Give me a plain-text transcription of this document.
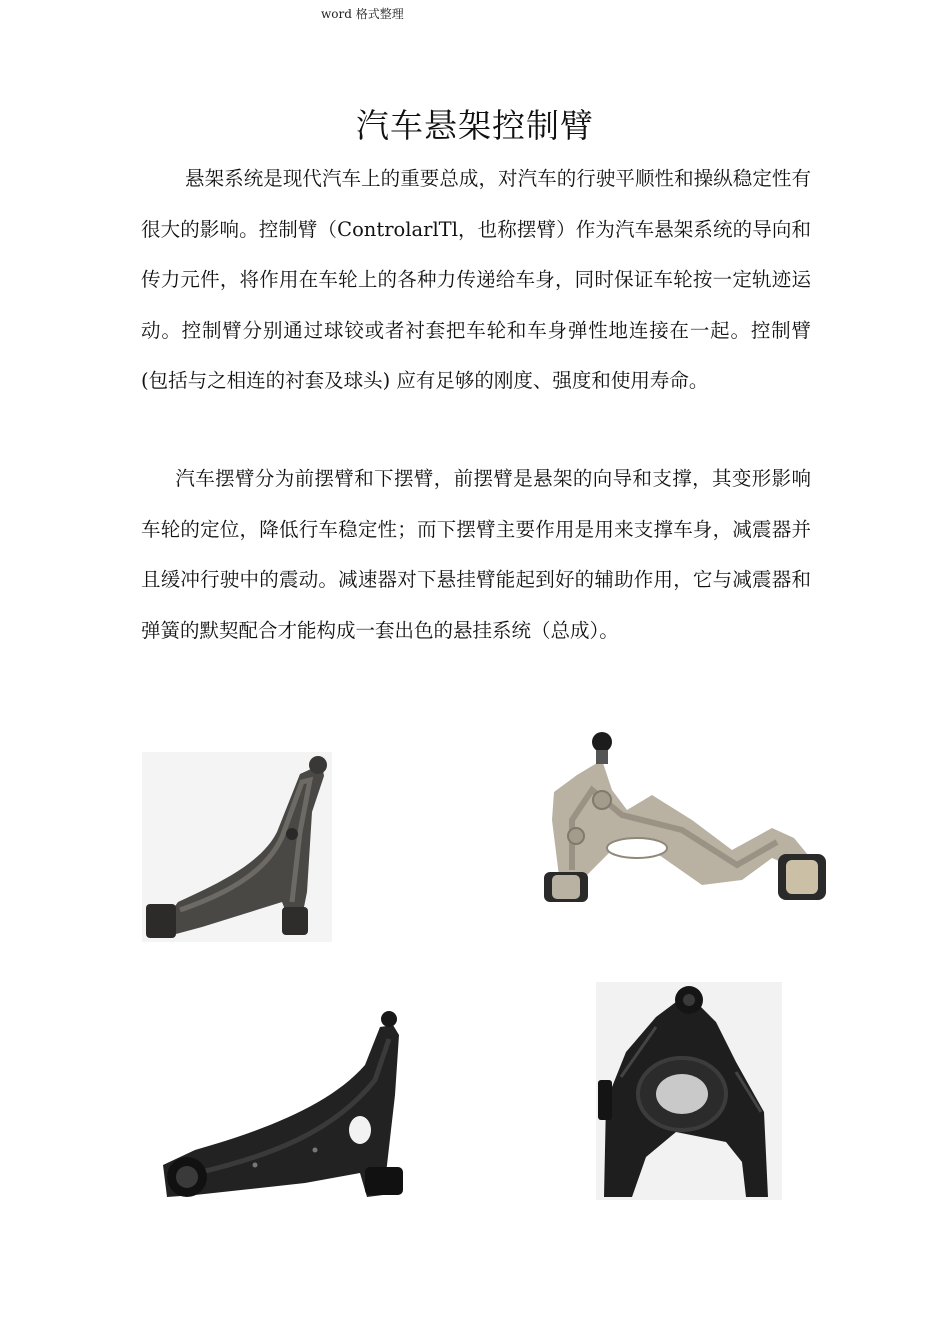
word 格式整理
汽车悬架控制臂

悬架系统是现代汽车上的重要总成，对汽车的行驶平顺性和操纵稳定性有很大的影响。控制臂（ControlarlTl，也称摆臂）作为汽车悬架系统的导向和传力元件，将作用在车轮上的各种力传递给车身，同时保证车轮按一定轨迹运动。控制臂分别通过球铰或者衬套把车轮和车身弹性地连接在一起。控制臂 (包括与之相连的衬套及球头) 应有足够的刚度、强度和使用寿命。

汽车摆臂分为前摆臂和下摆臂，前摆臂是悬架的向导和支撑，其变形影响车轮的定位，降低行车稳定性；而下摆臂主要作用是用来支撑车身，减震器并且缓冲行驶中的震动。减速器对下悬挂臂能起到好的辅助作用，它与减震器和弹簧的默契配合才能构成一套出色的悬挂系统（总成）。
